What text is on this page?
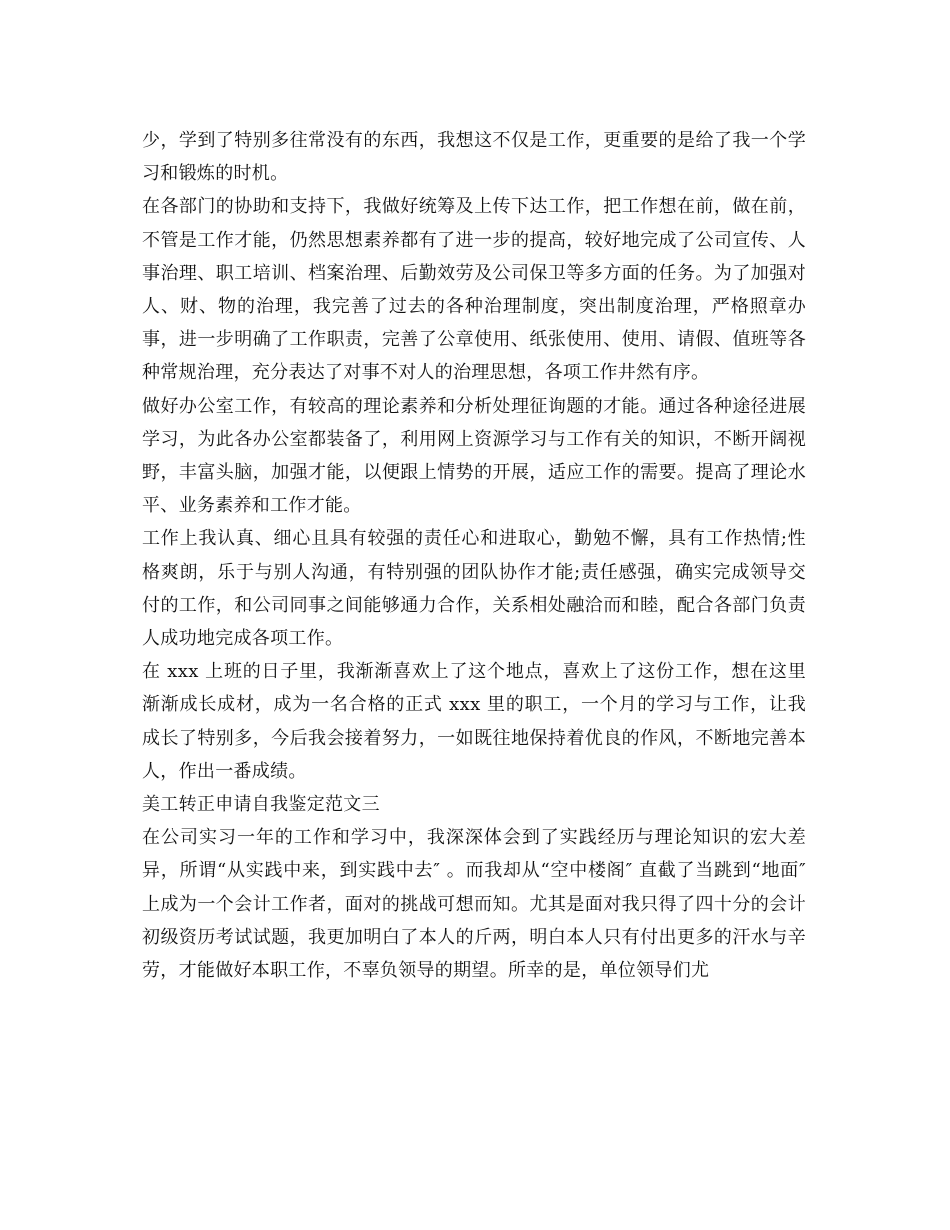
少，学到了特别多往常没有的东西，我想这不仅是工作，更重要的是给了我一个学习和锻炼的时机。

在各部门的协助和支持下，我做好统筹及上传下达工作，把工作想在前，做在前，不管是工作才能，仍然思想素养都有了进一步的提高，较好地完成了公司宣传、人事治理、职工培训、档案治理、后勤效劳及公司保卫等多方面的任务。为了加强对人、财、物的治理，我完善了过去的各种治理制度，突出制度治理，严格照章办事，进一步明确了工作职责，完善了公章使用、纸张使用、使用、请假、值班等各种常规治理，充分表达了对事不对人的治理思想，各项工作井然有序。

做好办公室工作，有较高的理论素养和分析处理征询题的才能。通过各种途径进展学习，为此各办公室都装备了，利用网上资源学习与工作有关的知识，不断开阔视野，丰富头脑，加强才能，以便跟上情势的开展，适应工作的需要。提高了理论水平、业务素养和工作才能。

工作上我认真、细心且具有较强的责任心和进取心，勤勉不懈，具有工作热情;性格爽朗，乐于与别人沟通，有特别强的团队协作才能;责任感强，确实完成领导交付的工作，和公司同事之间能够通力合作，关系相处融洽而和睦，配合各部门负责人成功地完成各项工作。

在 xxx 上班的日子里，我渐渐喜欢上了这个地点，喜欢上了这份工作，想在这里渐渐成长成材，成为一名合格的正式 xxx 里的职工，一个月的学习与工作，让我成长了特别多，今后我会接着努力，一如既往地保持着优良的作风，不断地完善本人，作出一番成绩。

美工转正申请自我鉴定范文三

在公司实习一年的工作和学习中，我深深体会到了实践经历与理论知识的宏大差异，所谓“从实践中来，到实践中去″ 。而我却从“空中楼阁″ 直截了当跳到“地面″ 上成为一个会计工作者，面对的挑战可想而知。尤其是面对我只得了四十分的会计初级资历考试试题，我更加明白了本人的斤两，明白本人只有付出更多的汗水与辛劳，才能做好本职工作，不辜负领导的期望。所幸的是，单位领导们尤
